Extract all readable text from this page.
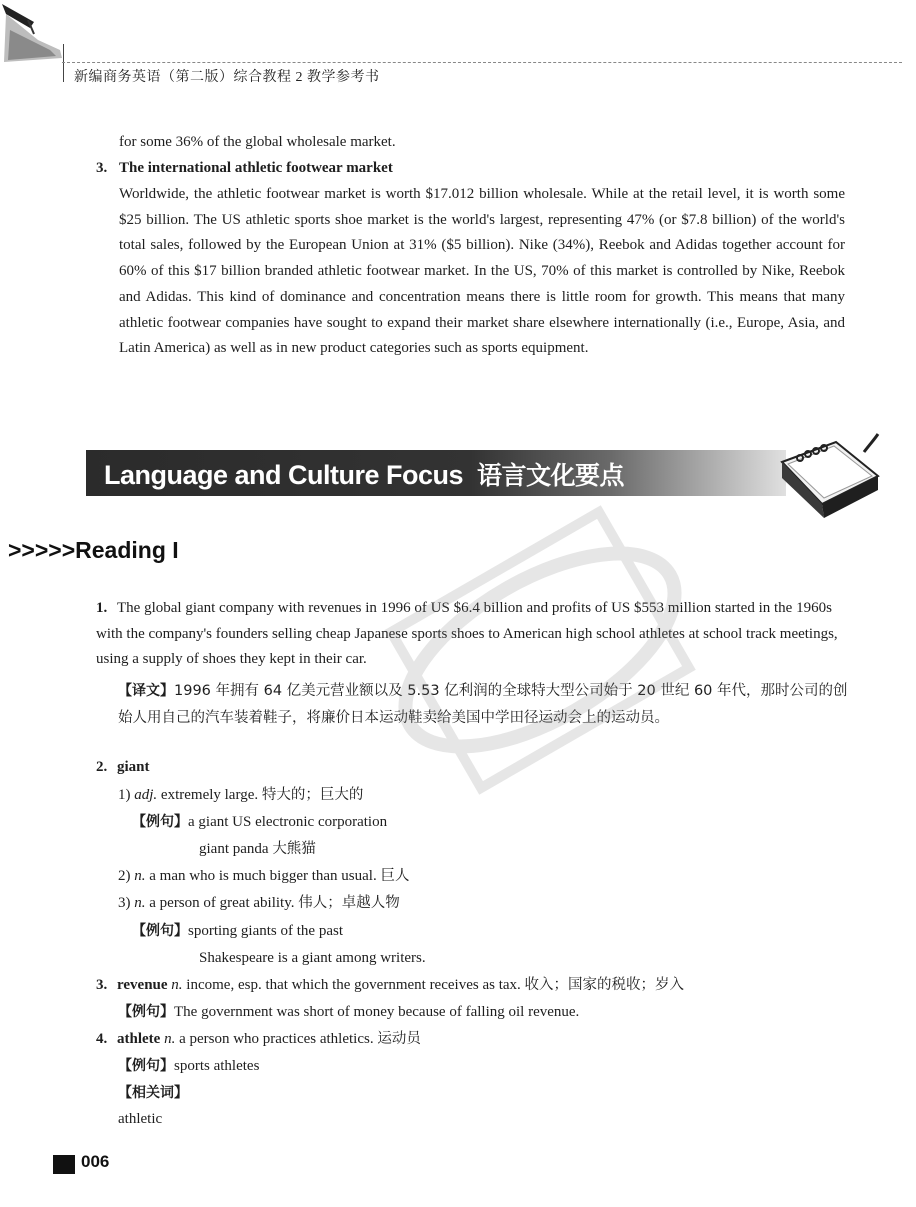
新编商务英语（第二版）综合教程 2 教学参考书
for some 36% of the global wholesale market.
3. The international athletic footwear market
Worldwide, the athletic footwear market is worth $17.012 billion wholesale. While at the retail level, it is worth some $25 billion. The US athletic sports shoe market is the world's largest, representing 47% (or $7.8 billion) of the world's total sales, followed by the European Union at 31% ($5 billion). Nike (34%), Reebok and Adidas together account for 60% of this $17 billion branded athletic footwear market. In the US, 70% of this market is controlled by Nike, Reebok and Adidas. This kind of dominance and concentration means there is little room for growth. This means that many athletic footwear companies have sought to expand their market share elsewhere internationally (i.e., Europe, Asia, and Latin America) as well as in new product categories such as sports equipment.
Language and Culture Focus 语言文化要点
>>>>>Reading I
1. The global giant company with revenues in 1996 of US $6.4 billion and profits of US $553 million started in the 1960s with the company's founders selling cheap Japanese sports shoes to American high school athletes at school track meetings, using a supply of shoes they kept in their car.
【译文】1996 年拥有 64 亿美元营业额以及 5.53 亿利润的全球特大型公司始于 20 世纪 60 年代，那时公司的创始人用自己的汽车装着鞋子，将廉价日本运动鞋卖给美国中学田径运动会上的运动员。
2. giant
1) adj. extremely large. 特大的；巨大的
【例句】a giant US electronic corporation
giant panda 大熊猫
2) n. a man who is much bigger than usual. 巨人
3) n. a person of great ability. 伟人；卓越人物
【例句】sporting giants of the past
Shakespeare is a giant among writers.
3. revenue n. income, esp. that which the government receives as tax. 收入；国家的税收；岁入
【例句】The government was short of money because of falling oil revenue.
4. athlete n. a person who practices athletics. 运动员
【例句】sports athletes
【相关词】
athletic
006
